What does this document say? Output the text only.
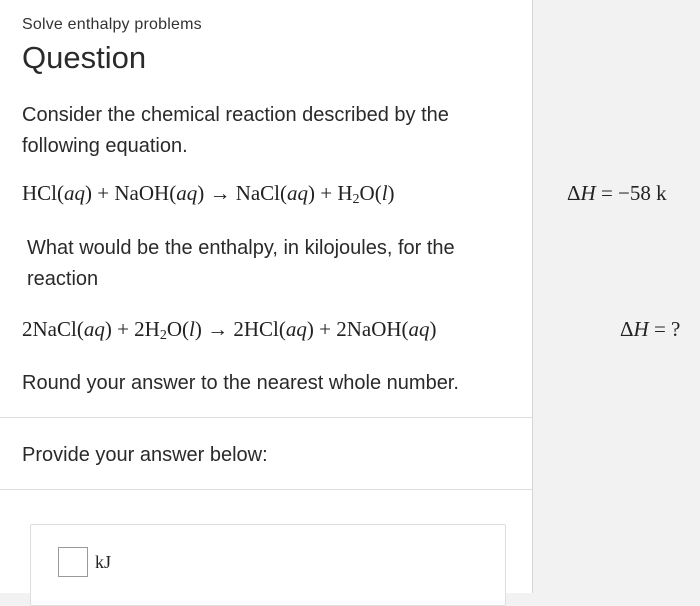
Solve enthalpy problems
Question
Consider the chemical reaction described by the following equation.
HCl(aq) + NaOH(aq) → NaCl(aq) + $H_2O(l)$
What would be the enthalpy, in kilojoules, for the reaction
2NaCl(aq) + $2H_2O(l) \to 2HCl(aq)$ + 2NaOH(aq)
Round your answer to the nearest whole number.
Provide your answer below:
kJ
ΔH = −58 k
ΔH = ?
